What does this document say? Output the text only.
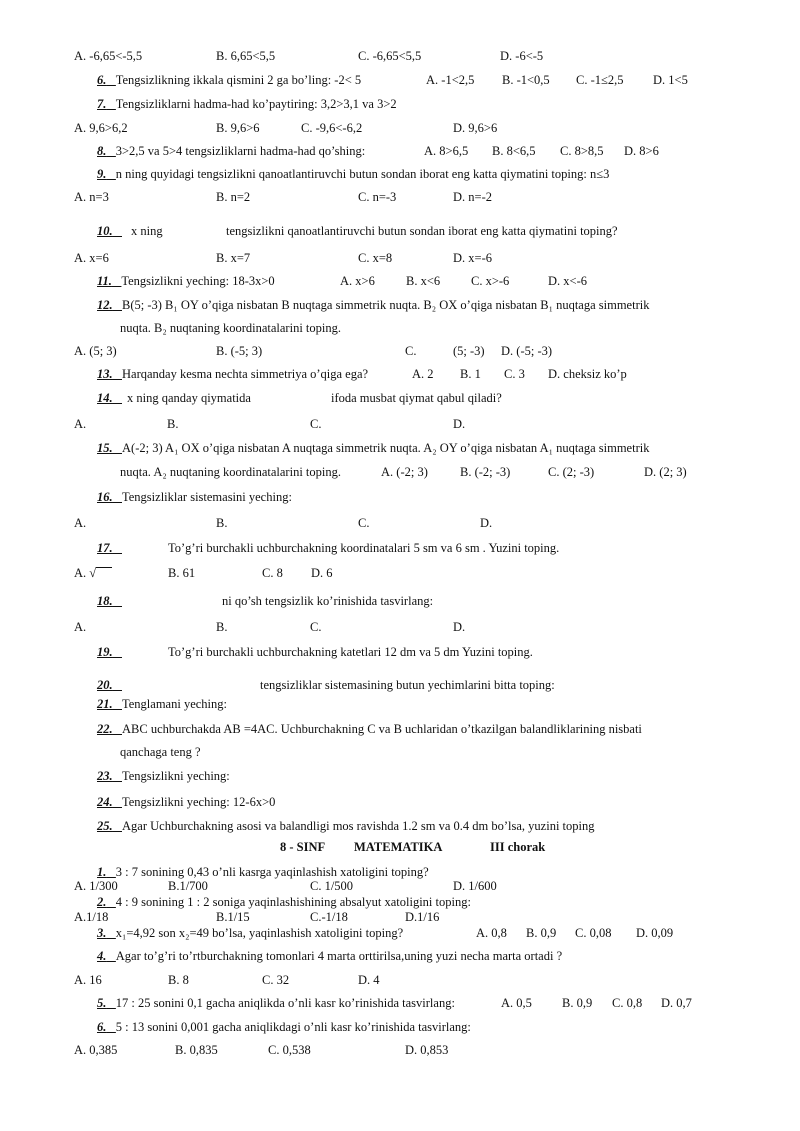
A. -6,65<-5,5	B. 6,65<5,5	C. -6,65<5,5	D. -6<-5
6. Tengsizlikning ikkala qismini 2 ga bo’ling: -2< 5	A. -1<2,5 B. -1<0,5 C. -1≤2,5 D. 1<5
7. Tengsizliklarni hadma-had ko’paytiring: 3,2>3,1 va 3>2
A. 9,6>6,2	B. 9,6>6	C. -9,6<-6,2	D. 9,6>6
8. 3>2,5 va 5>4 tengsizliklarni hadma-had qo’shing:	A. 8>6,5 B. 8<6,5 C. 8>8,5 D. 8>6
9. n ning quyidagi tengsizlikni qanoatlantiruvchi butun sondan iborat eng katta qiymatini toping: n≤3
A. n=3	B. n=2	C. n=-3	D. n=-2
10.	x ning	tengsizlikni qanoatlantiruvchi butun sondan iborat eng katta qiymatini toping?
A. x=6	B. x=7	C. x=8	D. x=-6
11. Tengsizlikni yeching: 18-3x>0	A. x>6 B. x<6 C. x>-6	D. x<-6
12. B(5; -3) B₁ OY o’qiga nisbatan B nuqtaga simmetrik nuqta. B₂ OX o’qiga nisbatan B₁ nuqtaga simmetrik
nuqta. B₂ nuqtaning koordinatalarini toping.
A. (5; 3)	B. (-5; 3)	C.	(5; -3) D. (-5; -3)
13. Harqanday kesma nechta simmetriya o’qiga ega?	A. 2 B. 1 C. 3 D. cheksiz ko’p
14.	x ning qanday qiymatida	ifoda musbat qiymat qabul qiladi?
A.	B.	C.	D.
15. A(-2; 3) A₁ OX o’qiga nisbatan A nuqtaga simmetrik nuqta. A₂ OY o’qiga nisbatan A₁ nuqtaga simmetrik
nuqta. A₂ nuqtaning koordinatalarini toping.	A. (-2; 3)	B. (-2; -3)	C. (2; -3)	D. (2; 3)
16. Tengsizliklar sistemasini yeching:
A.	B.	C.	D.
17.	To’g’ri burchakli uchburchakning koordinatalari 5 sm va 6 sm . Yuzini toping.
A. √	B. 61	C. 8 D. 6
18.	ni qo’sh tengsizlik ko’rinishida tasvirlang:
A.	B.	C.	D.
19.	To’g’ri burchakli uchburchakning katetlari 12 dm va 5 dm Yuzini toping.
20.	tengsizliklar sistemasining butun yechimlarini bitta toping:
21. Tenglamani yeching:
22. ABC uchburchakda AB =4AC. Uchburchakning C va B uchlaridan o’tkazilgan balandliklarining nisbati
qanchaga teng ?
23. Tengsizlikni yeching:
24. Tengsizlikni yeching: 12-6x>0
25. Agar Uchburchakning asosi va balandligi mos ravishda 1.2 sm va 0.4 dm bo’lsa, yuzini toping
8 - SINF MATEMATIKA	III chorak
1. 3 : 7 sonining 0,43 o’nli kasrga yaqinlashish xatoligini toping?
A. 1/300	B.1/700	C. 1/500	D. 1/600
2. 4 : 9 sonining 1 : 2 soniga yaqinlashishining absalyut xatoligini toping:
A.1/18	B.1/15	C.-1/18	D.1/16
3. x₁=4,92 son x₂=49 bo’lsa, yaqinlashish xatoligini toping?	A. 0,8 B. 0,9 C. 0,08 D. 0,09
4. Agar to’g’ri to’rtburchakning tomonlari 4 marta orttirilsa,uning yuzi necha marta ortadi ?
A. 16	B. 8	C. 32	D. 4
5. 17 : 25 sonini 0,1 gacha aniqlikda o’nli kasr ko’rinishida tasvirlang:	A. 0,5 B. 0,9 C. 0,8 D. 0,7
6. 5 : 13 sonini 0,001 gacha aniqlikdagi o’nli kasr ko’rinishida tasvirlang:
A. 0,385	B. 0,835	C. 0,538	D. 0,853
